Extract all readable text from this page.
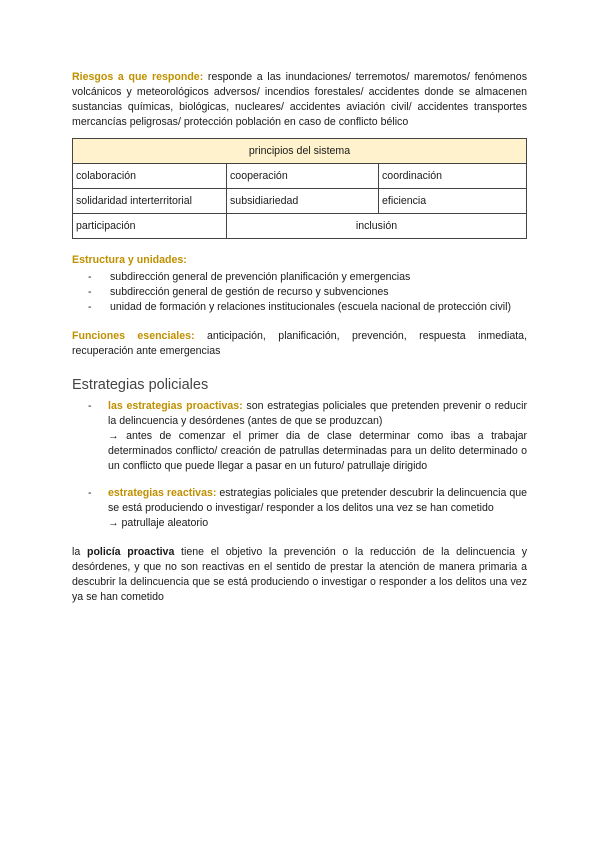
Riesgos a que responde: responde a las inundaciones/ terremotos/ maremotos/ fenómenos volcánicos y meteorológicos adversos/ incendios forestales/ accidentes donde se almacenen sustancias químicas, biológicas, nucleares/ accidentes aviación civil/ accidentes transportes mercancías peligrosas/ protección población en caso de conflicto bélico

principios del sistema		
colaboración	cooperación	coordinación
solidaridad interterritorial	subsidiariedad	eficiencia
participación	inclusión	
Estructura y unidades:
- subdirección general de prevención planificación y emergencias
- subdirección general de gestión de recurso y subvenciones
- unidad de formación y relaciones institucionales (escuela nacional de protección civil)

Funciones esenciales: anticipación, planificación, prevención, respuesta inmediata, recuperación ante emergencias

Estrategias policiales
- las estrategias proactivas: son estrategias policiales que pretenden prevenir o reducir la delincuencia y desórdenes (antes de que se produzcan)
→ antes de comenzar el primer dia de clase determinar como ibas a trabajar determinados conflicto/ creación de patrullas determinadas para un delito determinado o un conflicto que puede llegar a pasar en un futuro/ patrullaje dirigido
- estrategias reactivas: estrategias policiales que pretender descubrir la delincuencia que se está produciendo o investigar/ responder a los delitos una vez se han cometido
→ patrullaje aleatorio

la policía proactiva tiene el objetivo la prevención o la reducción de la delincuencia y desórdenes, y que no son reactivas en el sentido de prestar la atención de manera primaria a descubrir la delincuencia que se está produciendo o investigar o responder a los delitos una vez ya se han cometido
